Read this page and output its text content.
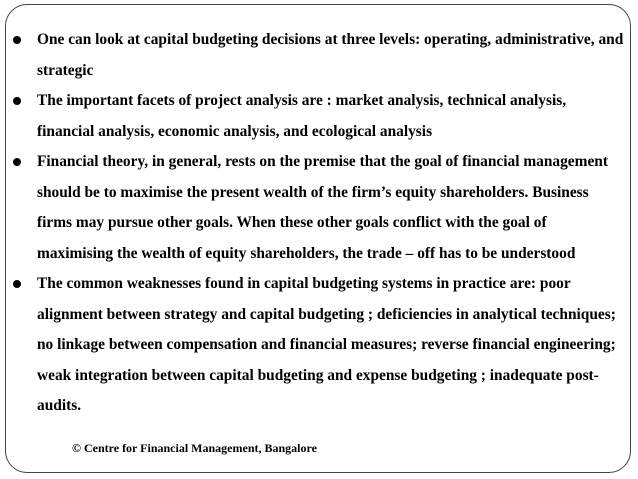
One can look at capital budgeting decisions at three levels: operating, administrative, and strategic
The important facets of project analysis are : market analysis, technical analysis, financial analysis, economic analysis, and ecological analysis
Financial theory, in general, rests on the premise that the goal of financial management should be to maximise the present wealth of the firm’s equity shareholders. Business firms may pursue other goals. When these other goals conflict with the goal of maximising the wealth of equity shareholders, the trade – off has to be understood
The common weaknesses found in capital budgeting systems in practice are: poor alignment between strategy and capital budgeting ; deficiencies in analytical techniques; no linkage between compensation and financial measures; reverse financial engineering; weak integration between capital budgeting and expense budgeting ; inadequate post-audits.
© Centre for Financial Management, Bangalore
